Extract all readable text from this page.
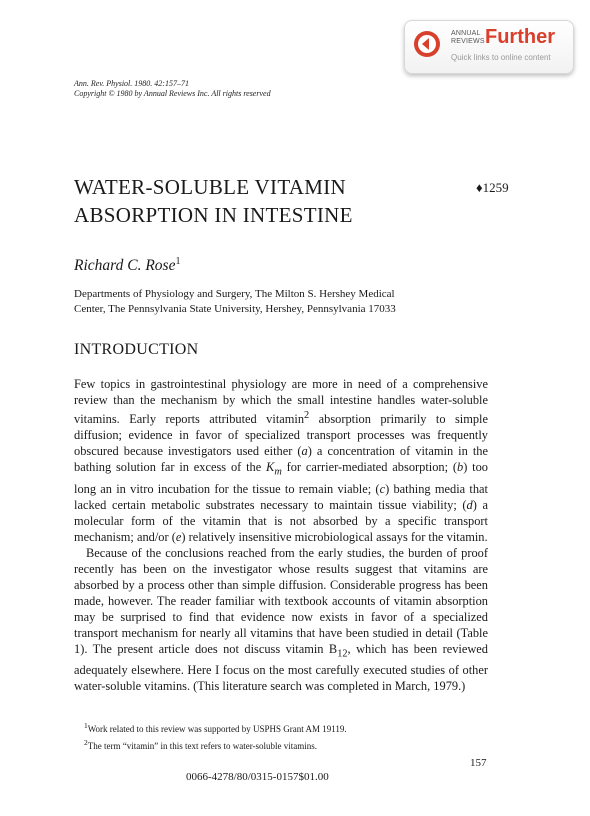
ANNUAL
REVIEWS Further
Quick links to online content
Ann. Rev. Physiol. 1980. 42:157–71
Copyright © 1980 by Annual Reviews Inc. All rights reserved
WATER-SOLUBLE VITAMIN
ABSORPTION IN INTESTINE
♦1259
Richard C. Rose$^1$
Departments of Physiology and Surgery, The Milton S. Hershey Medical
Center, The Pennsylvania State University, Hershey, Pennsylvania 17033
INTRODUCTION

Few topics in gastrointestinal physiology are more in need of a comprehensive review than the mechanism by which the small intestine handles water-soluble vitamins. Early reports attributed vitamin$^2$ absorption primarily to simple diffusion; evidence in favor of specialized transport processes was frequently obscured because investigators used either (a) a concentration of vitamin in the bathing solution far in excess of the $K_m$ for carrier-mediated absorption; (b) too long an in vitro incubation for the tissue to remain viable; (c) bathing media that lacked certain metabolic substrates necessary to maintain tissue viability; (d) a molecular form of the vitamin that is not absorbed by a specific transport mechanism; and/or (e) relatively insensitive microbiological assays for the vitamin.

Because of the conclusions reached from the early studies, the burden of proof recently has been on the investigator whose results suggest that vitamins are absorbed by a process other than simple diffusion. Considerable progress has been made, however. The reader familiar with textbook accounts of vitamin absorption may be surprised to find that evidence now exists in favor of a specialized transport mechanism for nearly all vitamins that have been studied in detail (Table 1). The present article does not discuss vitamin $B_{12}$, which has been reviewed adequately elsewhere. Here I focus on the most carefully executed studies of other water-soluble vitamins. (This literature search was completed in March, 1979.)

$^1$Work related to this review was supported by USPHS Grant AM 19119.
$^2$The term “vitamin” in this text refers to water-soluble vitamins.
157
0066-4278/80/0315-0157$01.00
